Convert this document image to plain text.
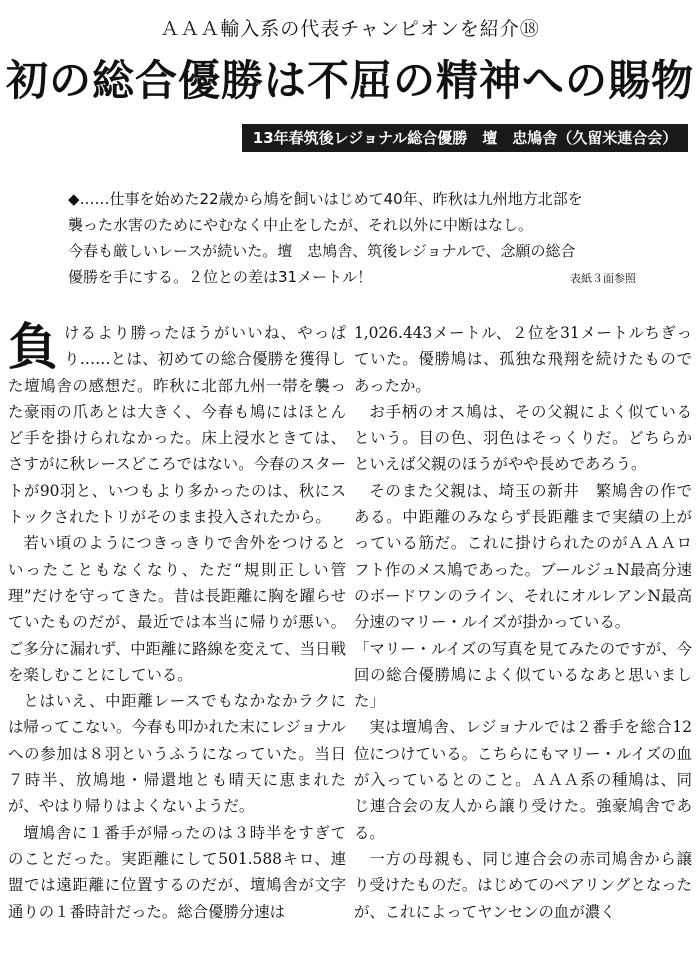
ＡＡＡ輸入系の代表チャンピオンを紹介⑱
初の総合優勝は不屈の精神への賜物
13年春筑後レジョナル総合優勝　壇　忠鳩舎（久留米連合会）

◆……仕事を始めた22歳から鳩を飼いはじめて40年、昨秋は九州地方北部を

襲った水害のためにやむなく中止をしたが、それ以外に中断はなし。

今春も厳しいレースが続いた。壇　忠鳩舎、筑後レジョナルで、念願の総合

優勝を手にする。２位との差は31メートル！	表紙３面参照

負けるより勝ったほうがいいね、やっぱり……とは、初めての総合優勝を獲得した壇鳩舎の感想だ。昨秋に北部九州一帯を襲った豪雨の爪あとは大きく、今春も鳩にはほとんど手を掛けられなかった。床上浸水ときては、さすがに秋レースどころではない。今春のスタートが90羽と、いつもより多かったのは、秋にストックされたトリがそのまま投入されたから。

若い頃のようにつきっきりで舎外をつけるといったこともなくなり、ただ“規則正しい管理”だけを守ってきた。昔は長距離に胸を躍らせていたものだが、最近では本当に帰りが悪い。ご多分に漏れず、中距離に路線を変えて、当日戦を楽しむことにしている。

とはいえ、中距離レースでもなかなかラクには帰ってこない。今春も叩かれた末にレジョナルへの参加は８羽というふうになっていた。当日７時半、放鳩地・帰還地とも晴天に恵まれたが、やはり帰りはよくないようだ。

壇鳩舎に１番手が帰ったのは３時半をすぎてのことだった。実距離にして501.588キロ、連盟では遠距離に位置するのだが、壇鳩舎が文字通りの１番時計だった。総合優勝分速は

1,026.443メートル、２位を31メートルちぎっていた。優勝鳩は、孤独な飛翔を続けたものであったか。

お手柄のオス鳩は、その父親によく似ているという。目の色、羽色はそっくりだ。どちらかといえば父親のほうがやや長めであろう。

そのまた父親は、埼玉の新井　繁鳩舎の作である。中距離のみならず長距離まで実績の上がっている筋だ。これに掛けられたのがＡＡＡロフト作のメス鳩であった。ブールジュN最高分速のボードワンのライン、それにオルレアンN最高分速のマリー・ルイズが掛かっている。

「マリー・ルイズの写真を見てみたのですが、今回の総合優勝鳩によく似ているなあと思いました」

実は壇鳩舎、レジョナルでは２番手を総合12位につけている。こちらにもマリー・ルイズの血が入っているとのこと。ＡＡＡ系の種鳩は、同じ連合会の友人から譲り受けた。強豪鳩舎である。

一方の母親も、同じ連合会の赤司鳩舎から譲り受けたものだ。はじめてのペアリングとなったが、これによってヤンセンの血が濃く
